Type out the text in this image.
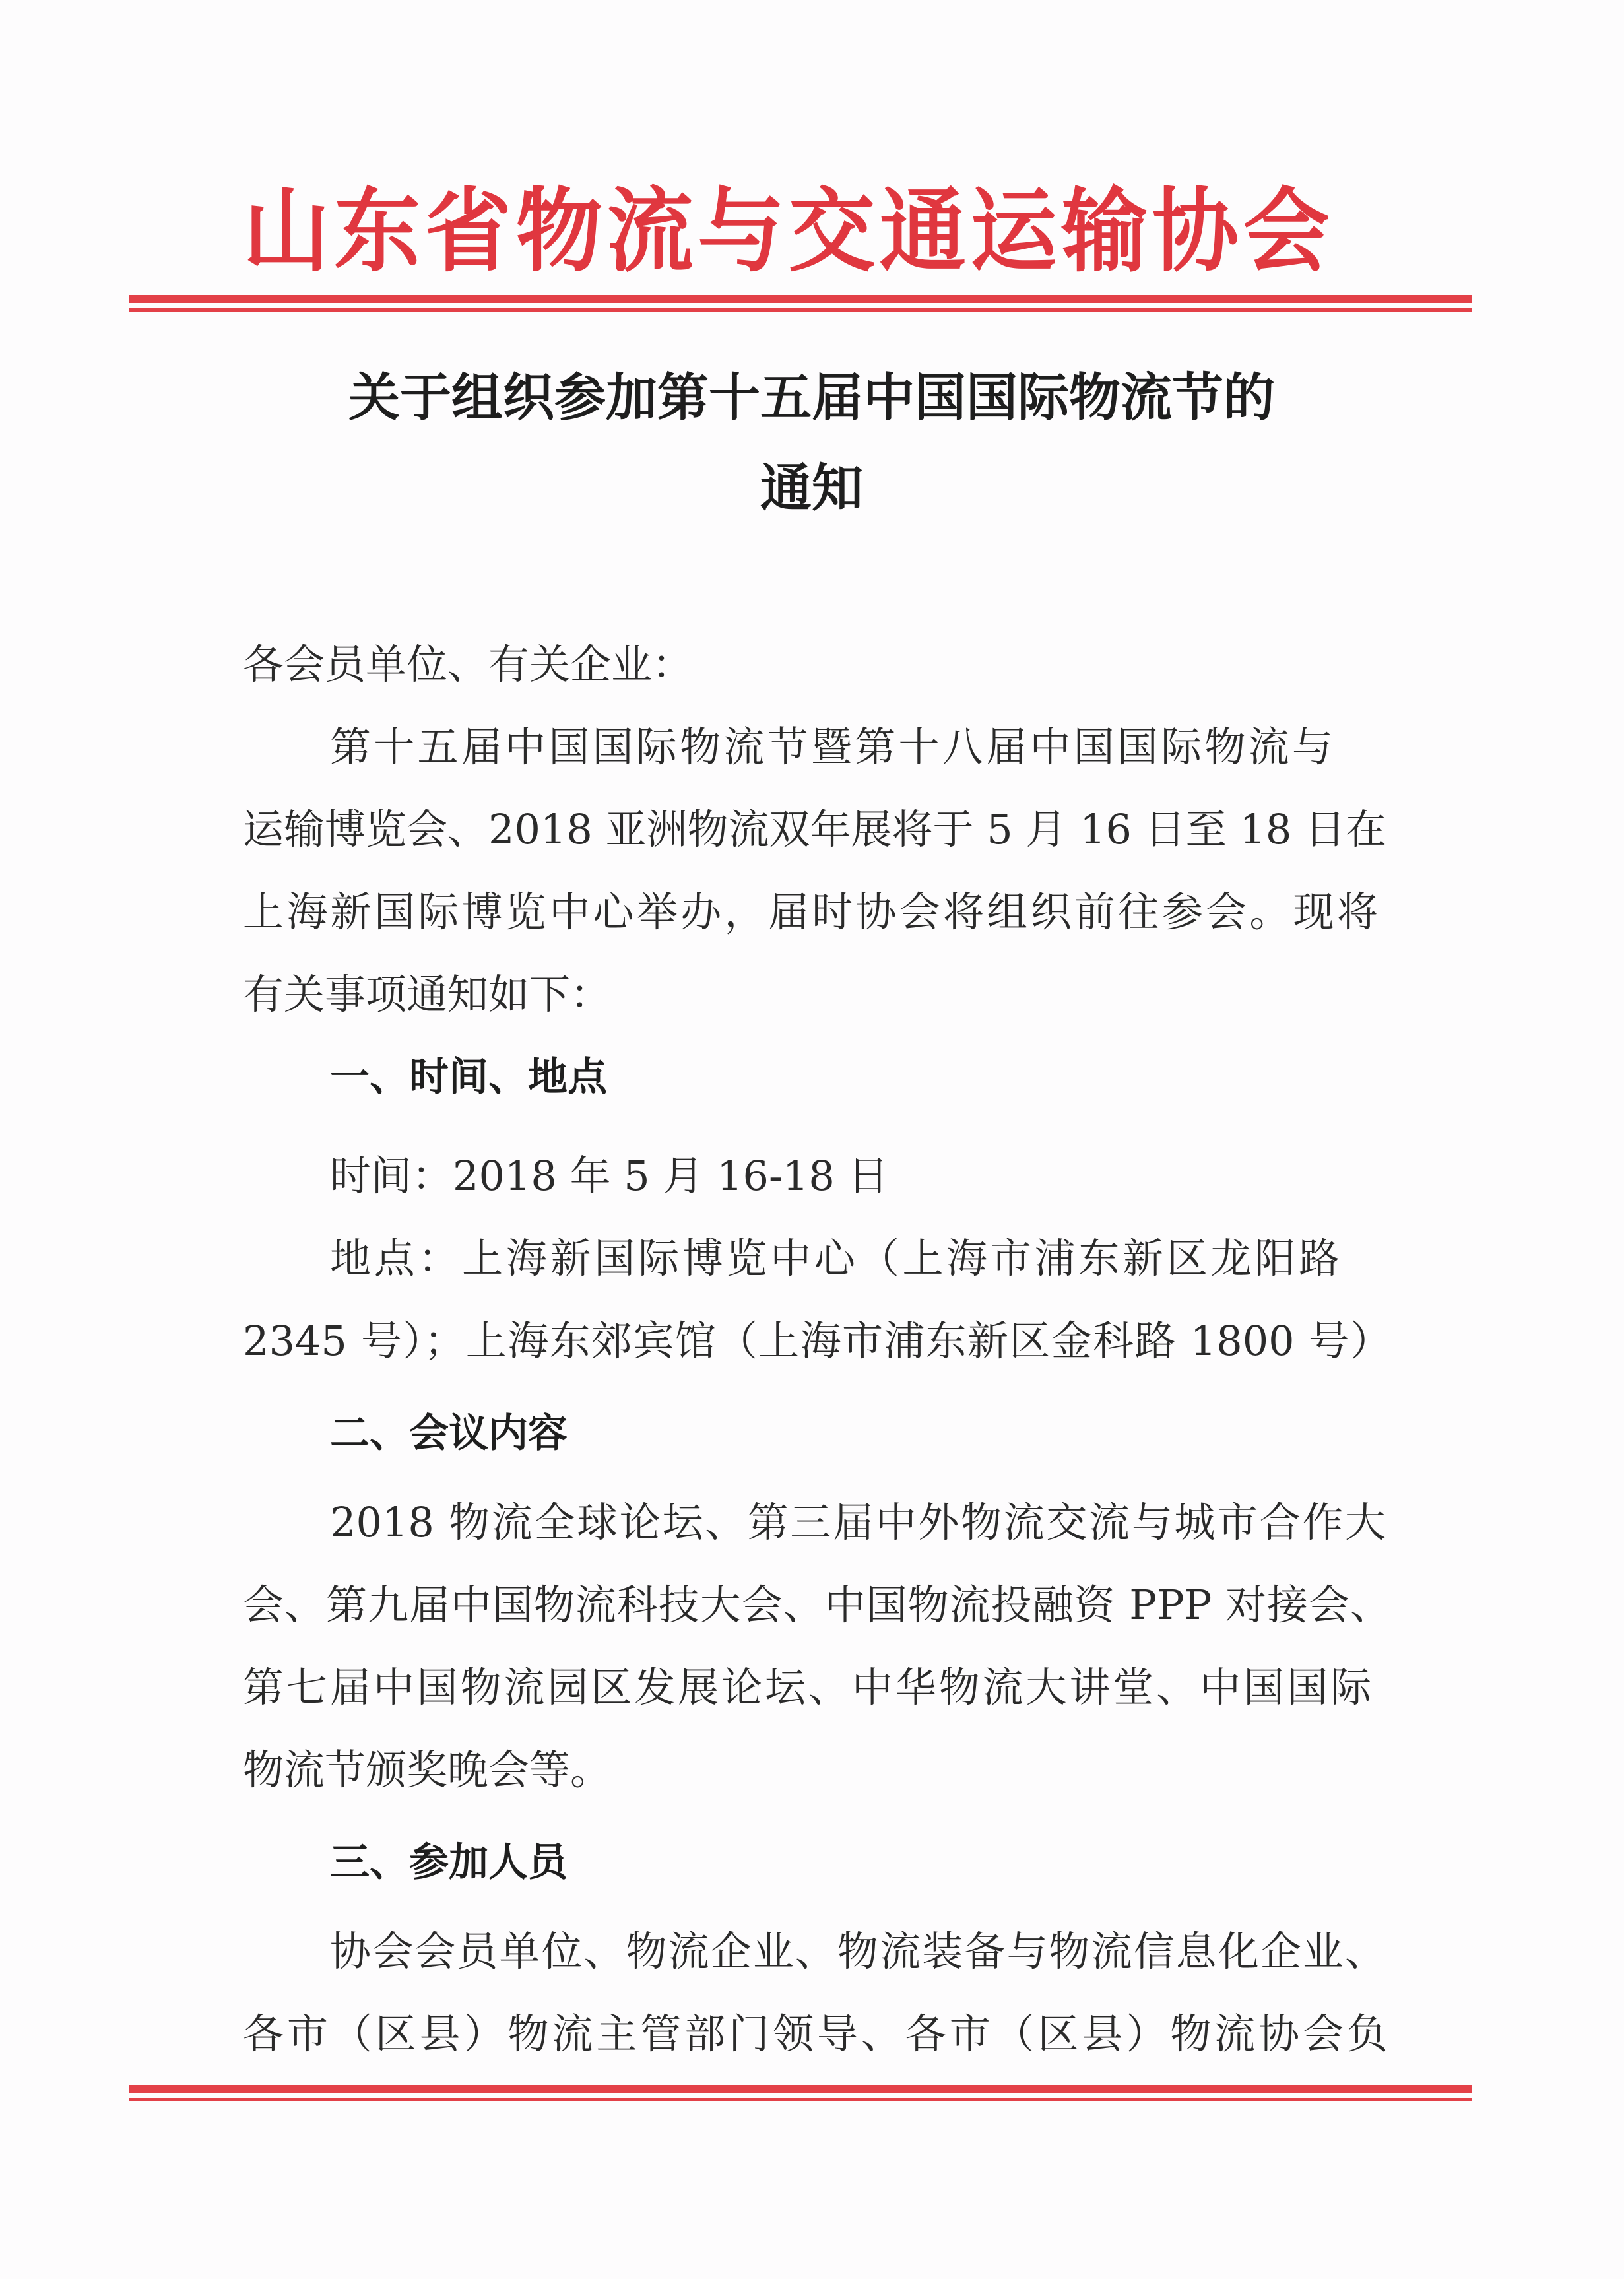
山东省物流与交通运输协会
关于组织参加第十五届中国国际物流节的
通知
各会员单位、有关企业：
第十五届中国国际物流节暨第十八届中国国际物流与
运输博览会、2018 亚洲物流双年展将于 5 月 16 日至 18 日在
上海新国际博览中心举办，届时协会将组织前往参会。现将
有关事项通知如下：
一、时间、地点
时间：2018 年 5 月 16-18 日
地点：上海新国际博览中心（上海市浦东新区龙阳路
2345 号）；上海东郊宾馆（上海市浦东新区金科路 1800 号）
二、会议内容
2018 物流全球论坛、第三届中外物流交流与城市合作大
会、第九届中国物流科技大会、中国物流投融资 PPP 对接会、
第七届中国物流园区发展论坛、中华物流大讲堂、中国国际
物流节颁奖晚会等。
三、参加人员
协会会员单位、物流企业、物流装备与物流信息化企业、
各市（区县）物流主管部门领导、各市（区县）物流协会负
